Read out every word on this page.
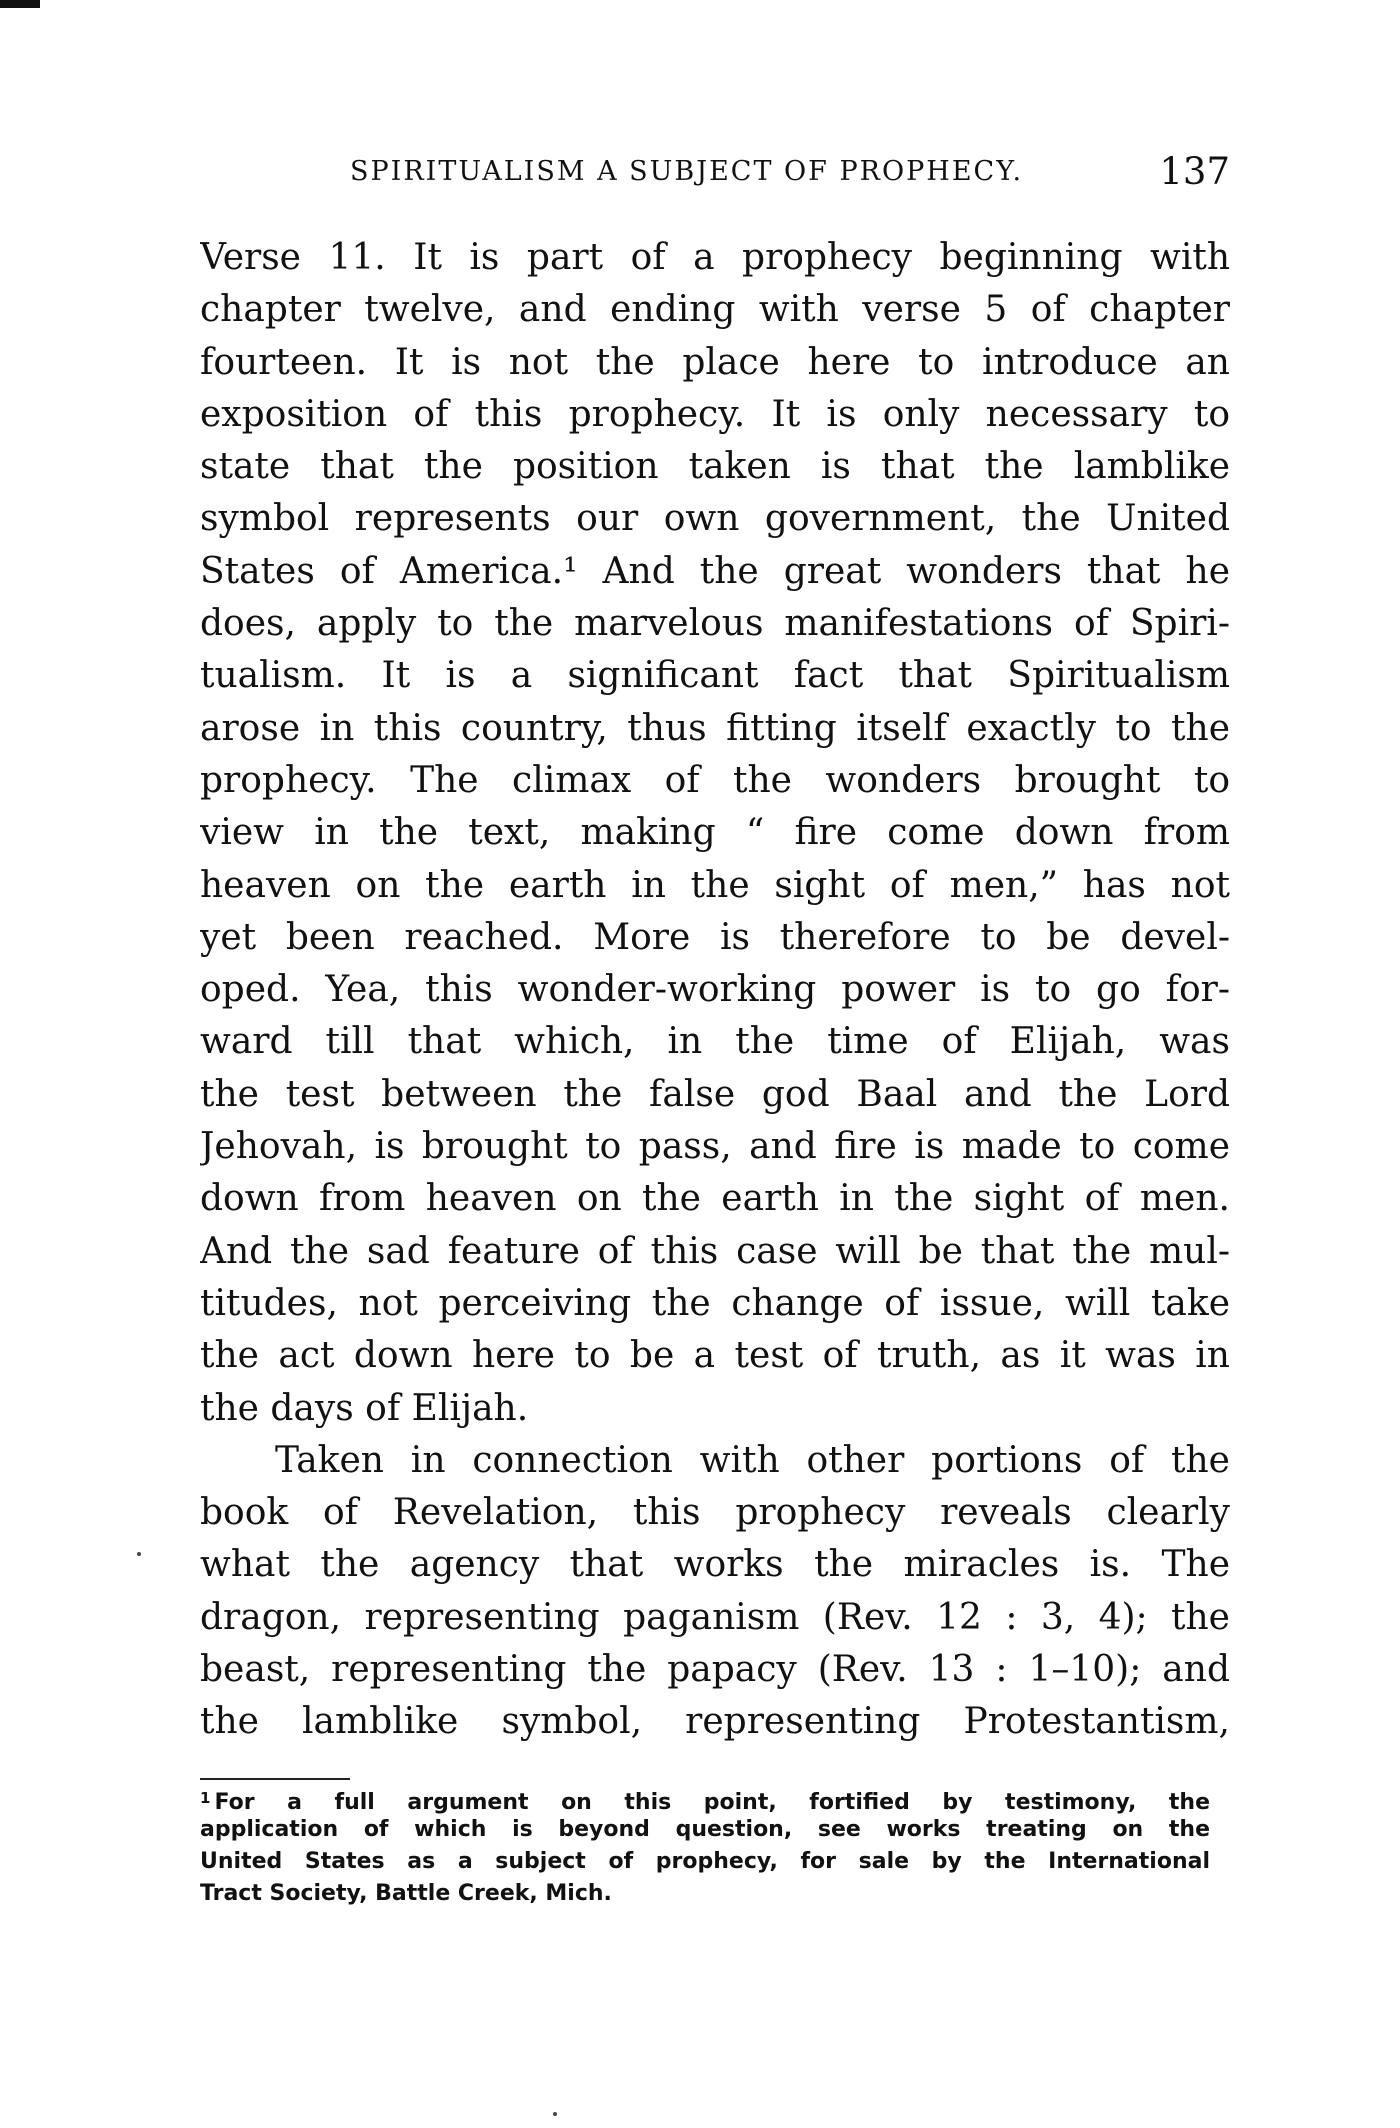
SPIRITUALISM A SUBJECT OF PROPHECY.	137
Verse 11. It is part of a prophecy beginning with
chapter twelve, and ending with verse 5 of chapter
fourteen. It is not the place here to introduce an
exposition of this prophecy. It is only necessary to
state that the position taken is that the lamblike
symbol represents our own government, the United
States of America.¹ And the great wonders that he
does, apply to the marvelous manifestations of Spiri-
tualism. It is a significant fact that Spiritualism
arose in this country, thus fitting itself exactly to the
prophecy. The climax of the wonders brought to
view in the text, making “ fire come down from
heaven on the earth in the sight of men,” has not
yet been reached. More is therefore to be devel-
oped. Yea, this wonder-working power is to go for-
ward till that which, in the time of Elijah, was
the test between the false god Baal and the Lord
Jehovah, is brought to pass, and fire is made to come
down from heaven on the earth in the sight of men.
And the sad feature of this case will be that the mul-
titudes, not perceiving the change of issue, will take
the act down here to be a test of truth, as it was in
the days of Elijah.
Taken in connection with other portions of the
book of Revelation, this prophecy reveals clearly
what the agency that works the miracles is. The
dragon, representing paganism (Rev. 12 : 3, 4); the
beast, representing the papacy (Rev. 13 : 1–10); and
the lamblike symbol, representing Protestantism,
$^1$ For a full argument on this point, fortified by testimony, the
application of which is beyond question, see works treating on the
United States as a subject of prophecy, for sale by the International
Tract Society, Battle Creek, Mich.
